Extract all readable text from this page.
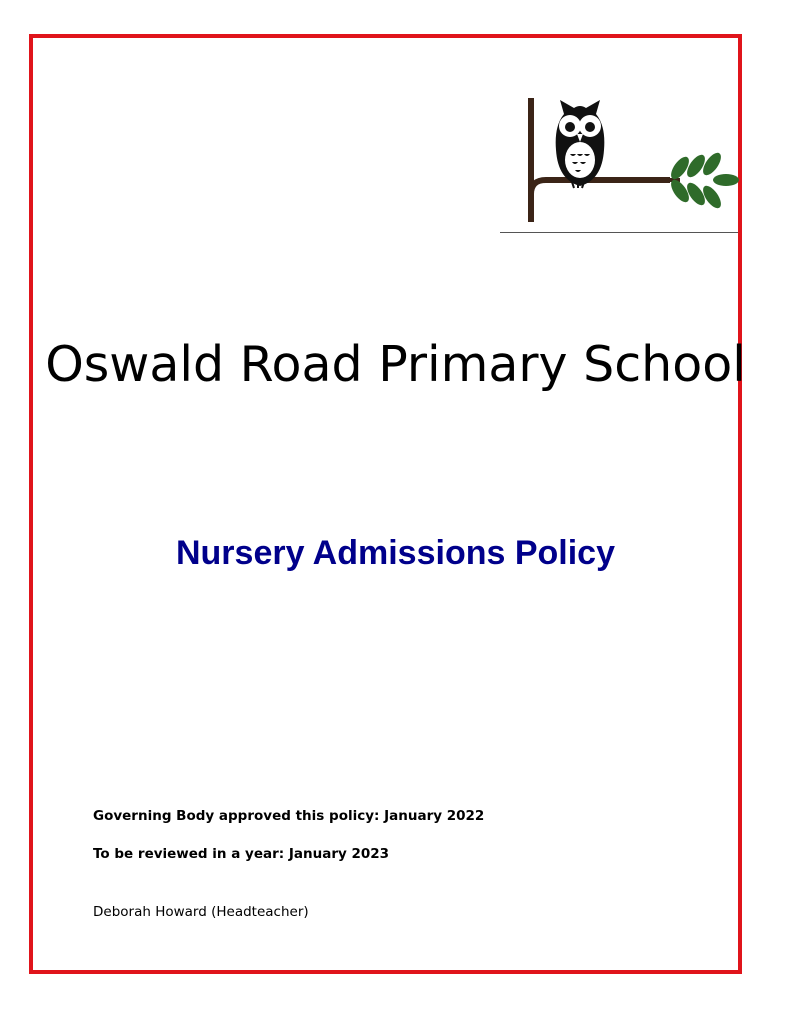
Oswald Road Primary School
Nursery Admissions Policy

Governing Body approved this policy: January 2022

To be reviewed in a year: January 2023

Deborah Howard (Headteacher)
